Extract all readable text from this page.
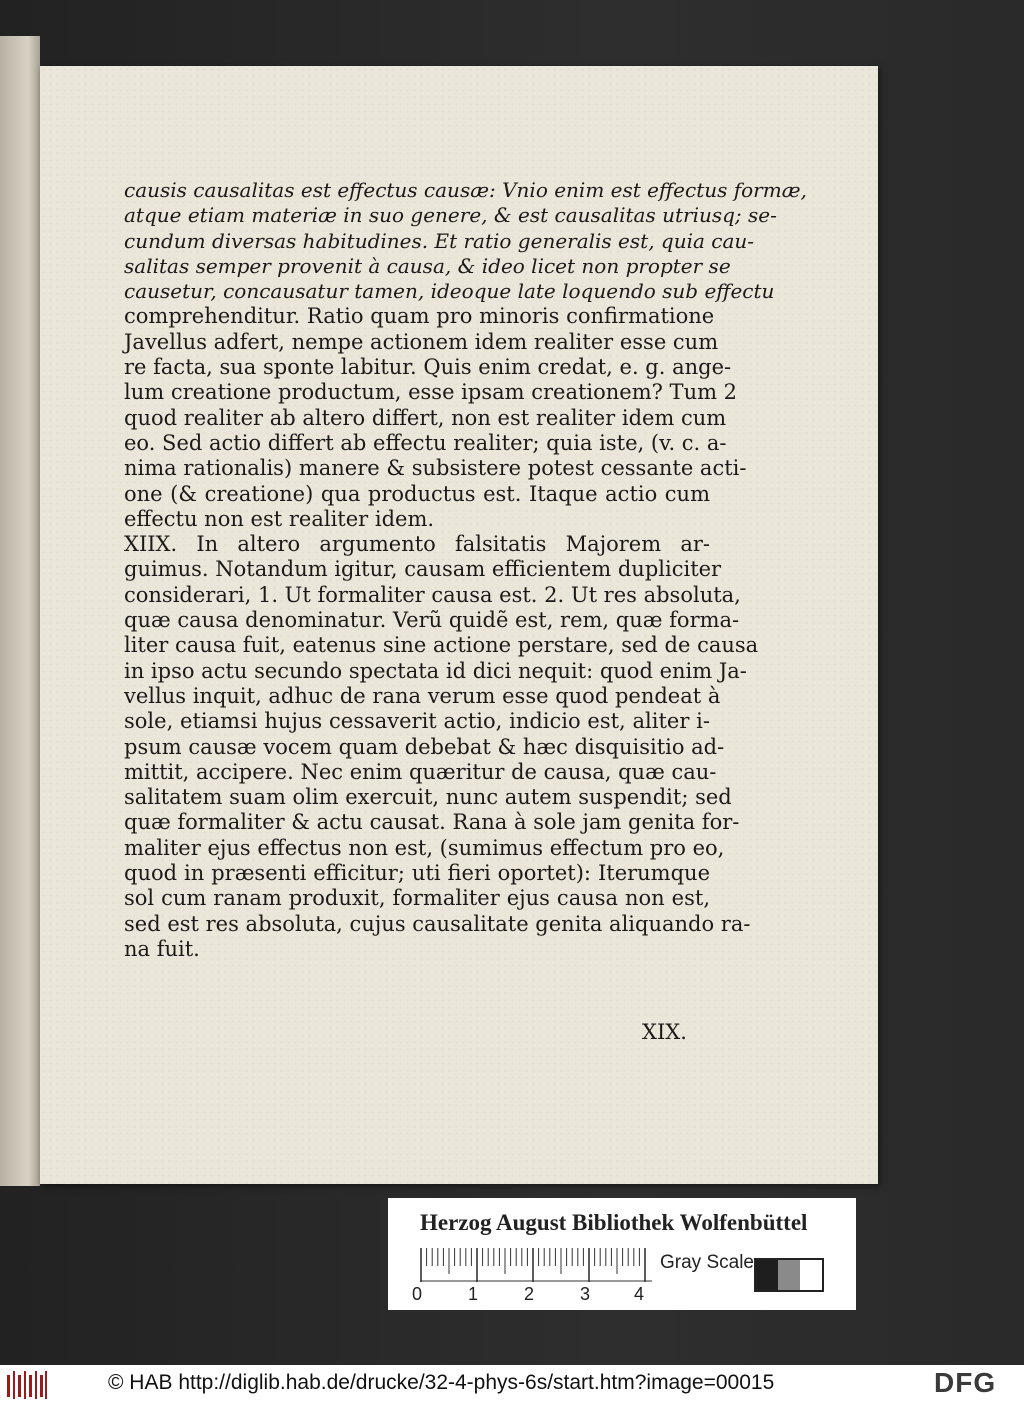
causis causalitas est effectus causæ: Vnio enim est effectus formæ,
atque etiam materiæ in suo genere, & est causalitas utriusq; se-
cundum diversas habitudines. Et ratio generalis est, quia cau-
salitas semper provenit à causa, & ideo licet non propter se
causetur, concausatur tamen, ideoque late loquendo sub effectu
comprehenditur. Ratio quam pro minoris confirmatione
Javellus adfert, nempe actionem idem realiter esse cum
re facta, sua sponte labitur. Quis enim credat, e. g. ange-
lum creatione productum, esse ipsam creationem? Tum 2
quod realiter ab altero differt, non est realiter idem cum
eo. Sed actio differt ab effectu realiter; quia iste, (v. c. a-
nima rationalis) manere & subsistere potest cessante acti-
one (& creatione) qua productus est. Itaque actio cum
effectu non est realiter idem.
XIIX. In altero argumento falsitatis Majorem ar-
guimus. Notandum igitur, causam efficientem dupliciter
considerari, 1. Ut formaliter causa est. 2. Ut res absoluta,
quæ causa denominatur. Verũ quidẽ est, rem, quæ forma-
liter causa fuit, eatenus sine actione perstare, sed de causa
in ipso actu secundo spectata id dici nequit: quod enim Ja-
vellus inquit, adhuc de rana verum esse quod pendeat à
sole, etiamsi hujus cessaverit actio, indicio est, aliter i-
psum causæ vocem quam debebat & hæc disquisitio ad-
mittit, accipere. Nec enim quæritur de causa, quæ cau-
salitatem suam olim exercuit, nunc autem suspendit; sed
quæ formaliter & actu causat. Rana à sole jam genita for-
maliter ejus effectus non est, (sumimus effectum pro eo,
quod in præsenti efficitur; uti fieri oportet): Iterumque
sol cum ranam produxit, formaliter ejus causa non est,
sed est res absoluta, cujus causalitate genita aliquando ra-
na fuit.
XIX.
Herzog August Bibliothek Wolfenbüttel
0	1	2	3 4
Gray Scale
© HAB http://diglib.hab.de/drucke/32-4-phys-6s/start.htm?image=00015	DFG
